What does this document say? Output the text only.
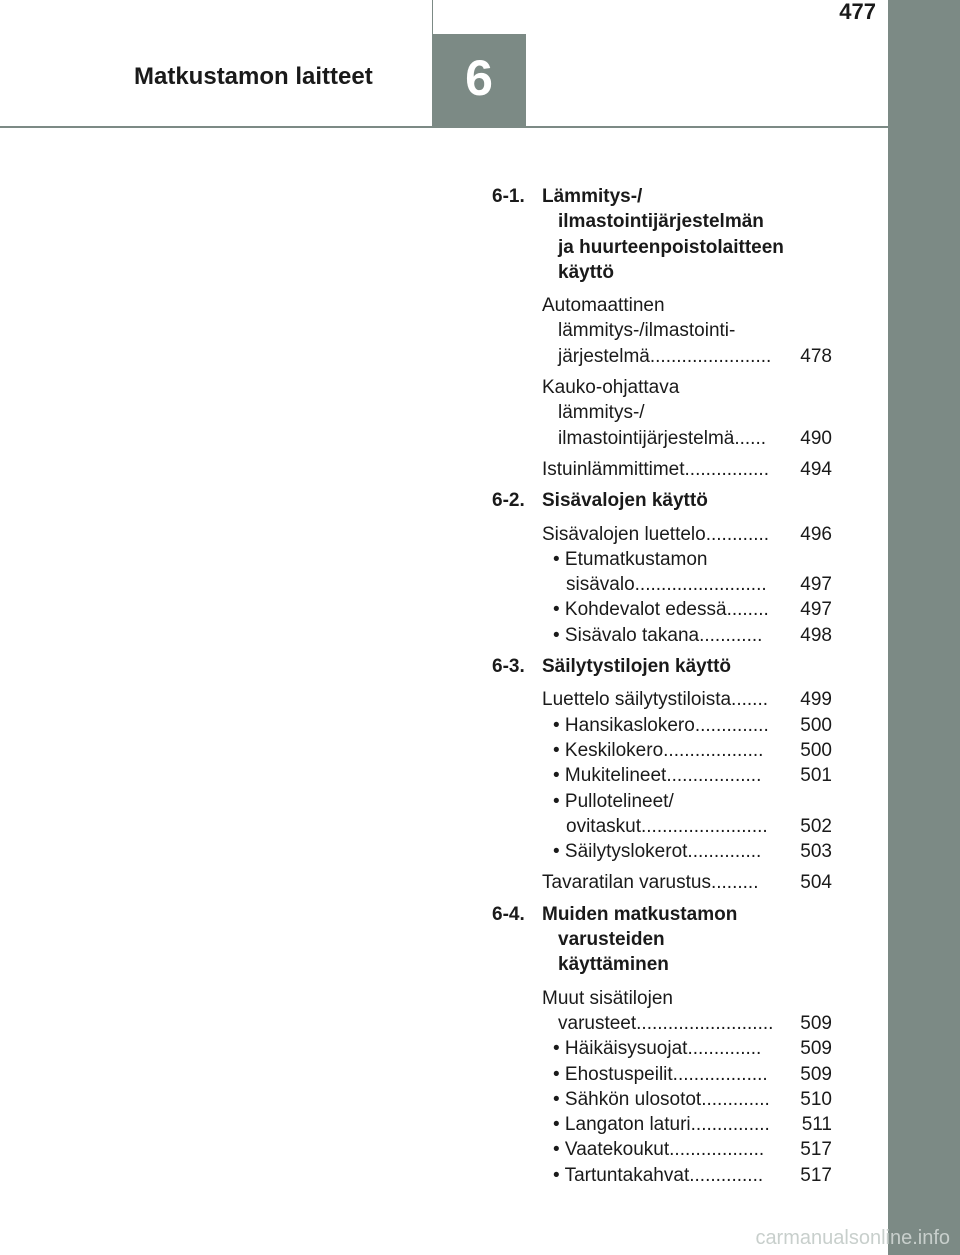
477
Matkustamon laitteet	6
6-1. Lämmitys-/
ilmastointijärjestelmän
ja huurteenpoistolaitteen
käyttö
Automaattinen
lämmitys-/ilmastointi-
järjestelmä .......................	478
Kauko-ohjattava
lämmitys-/
ilmastointijärjestelmä ......	490
Istuinlämmittimet ................	494
6-2. Sisävalojen käyttö
Sisävalojen luettelo ............	496
• Etumatkustamon
sisävalo .........................	497
• Kohdevalot edessä ........	497
• Sisävalo takana ............	498
6-3. Säilytystilojen käyttö
Luettelo säilytystiloista .......	499
• Hansikaslokero ..............	500
• Keskilokero ...................	500
• Mukitelineet ..................	501
• Pullotelineet/
ovitaskut ........................	502
• Säilytyslokerot ..............	503
Tavaratilan varustus .........	504
6-4. Muiden matkustamon
varusteiden
käyttäminen
Muut sisätilojen
varusteet ..........................	509
• Häikäisysuojat ..............	509
• Ehostuspeilit ..................	509
• Sähkön ulosotot .............	510
• Langaton laturi ...............	511
• Vaatekoukut ..................	517
• Tartuntakahvat ..............	517
carmanualsonline.info
